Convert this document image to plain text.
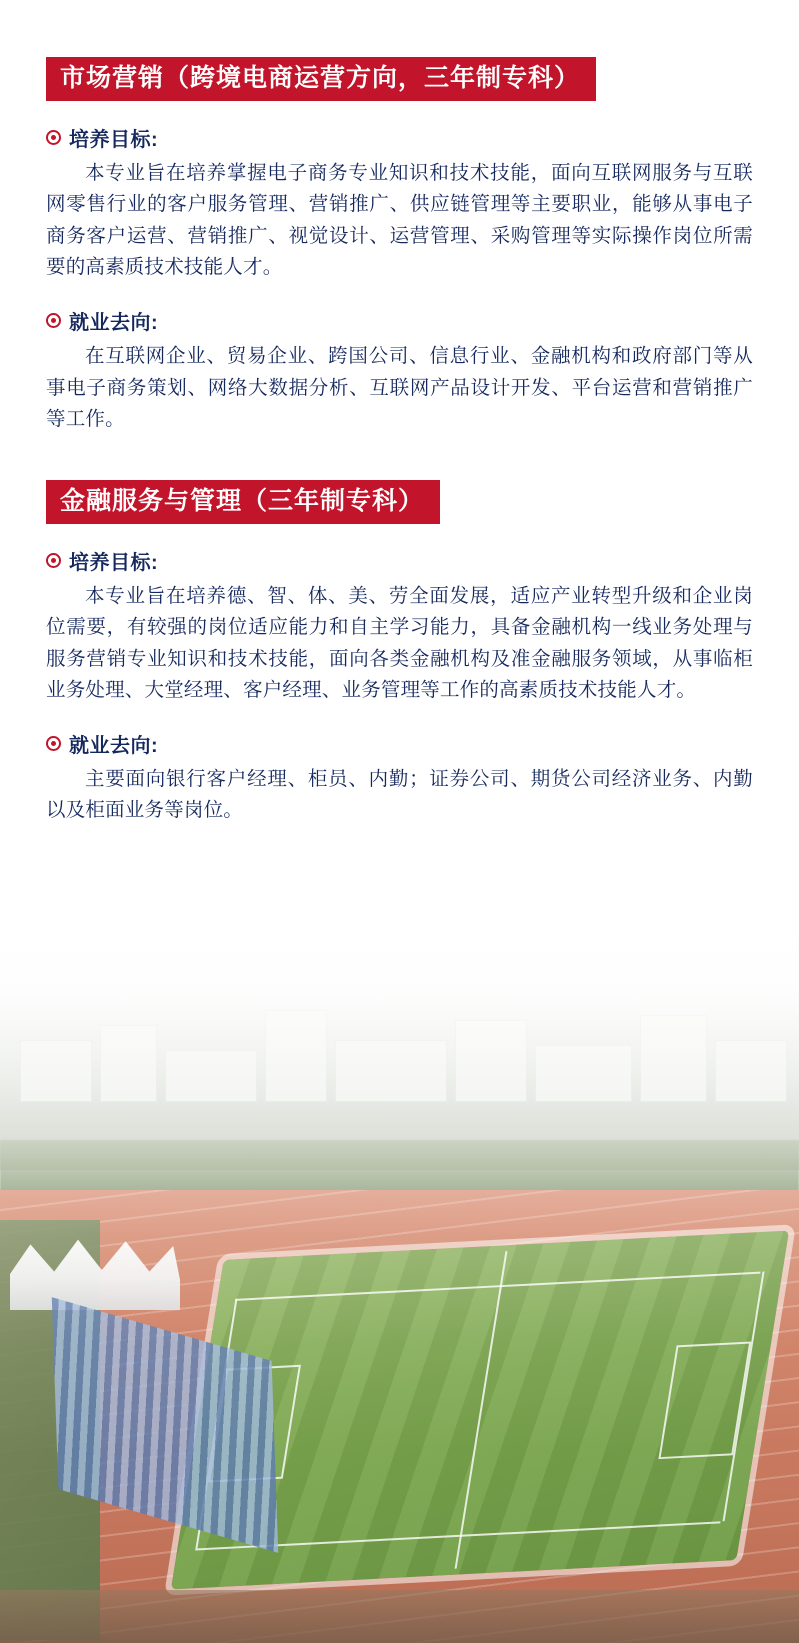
市场营销（跨境电商运营方向，三年制专科）
培养目标:

本专业旨在培养掌握电子商务专业知识和技术技能，面向互联网服务与互联网零售行业的客户服务管理、营销推广、供应链管理等主要职业，能够从事电子商务客户运营、营销推广、视觉设计、运营管理、采购管理等实际操作岗位所需要的高素质技术技能人才。

就业去向:

在互联网企业、贸易企业、跨国公司、信息行业、金融机构和政府部门等从事电子商务策划、网络大数据分析、互联网产品设计开发、平台运营和营销推广等工作。

金融服务与管理（三年制专科）
培养目标:

本专业旨在培养德、智、体、美、劳全面发展，适应产业转型升级和企业岗位需要，有较强的岗位适应能力和自主学习能力，具备金融机构一线业务处理与服务营销专业知识和技术技能，面向各类金融机构及准金融服务领域，从事临柜业务处理、大堂经理、客户经理、业务管理等工作的高素质技术技能人才。

就业去向:

主要面向银行客户经理、柜员、内勤；证券公司、期货公司经济业务、内勤以及柜面业务等岗位。
